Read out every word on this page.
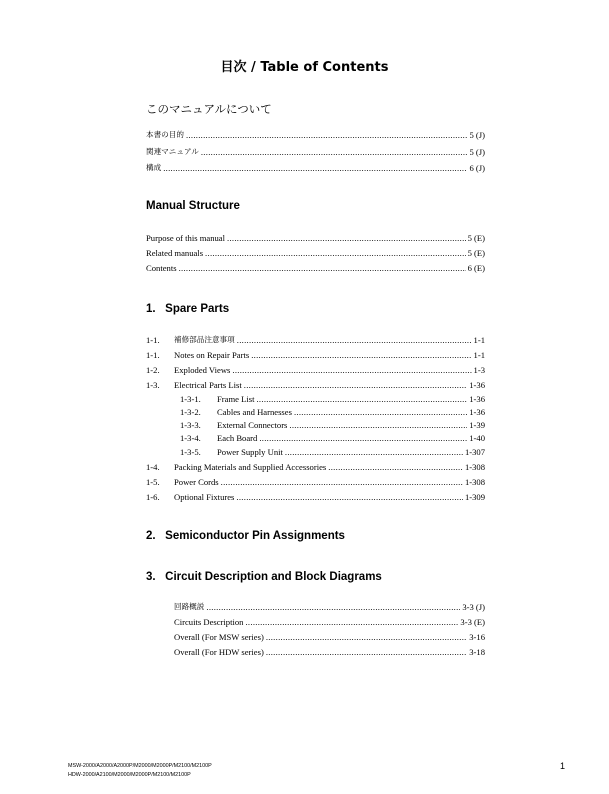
目次 / Table of Contents
このマニュアルについて
本書の目的 .....	5 (J)
関連マニュアル .....	5 (J)
構成 .....	6 (J)
Manual Structure
Purpose of this manual .....	5 (E)
Related manuals .....	5 (E)
Contents .....	6 (E)
1.   Spare Parts
1-1.	補修部品注意事項 .....	1-1
1-1.	Notes on Repair Parts .....	1-1
1-2.	Exploded Views .....	1-3
1-3.	Electrical Parts List .....	1-36
1-3-1.	Frame List .....	1-36
1-3-2.	Cables and Harnesses .....	1-36
1-3-3.	External Connectors .....	1-39
1-3-4.	Each Board .....	1-40
1-3-5.	Power Supply Unit .....	1-307
1-4.	Packing Materials and Supplied Accessories .....	1-308
1-5.	Power Cords .....	1-308
1-6.	Optional Fixtures .....	1-309
2.   Semiconductor Pin Assignments
3.   Circuit Description and Block Diagrams
回路概説 .....	3-3 (J)
Circuits Description .....	3-3 (E)
Overall (For MSW series) .....	3-16
Overall (For HDW series) .....	3-18
MSW-2000/A2000/A2000P/M2000/M2000P/M2100/M2100P
HDW-2000/A2100/M2000/M2000P/M2100/M2100P
1
